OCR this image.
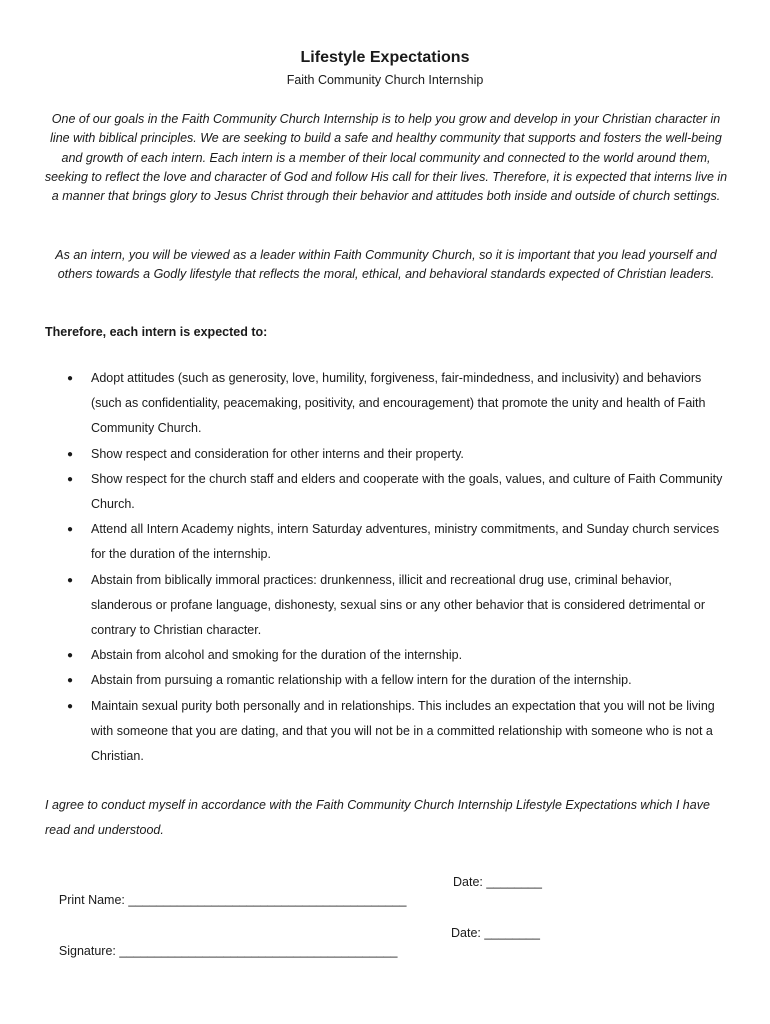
Lifestyle Expectations
Faith Community Church Internship

One of our goals in the Faith Community Church Internship is to help you grow and develop in your Christian character in line with biblical principles. We are seeking to build a safe and healthy community that supports and fosters the well-being and growth of each intern. Each intern is a member of their local community and connected to the world around them, seeking to reflect the love and character of God and follow His call for their lives. Therefore, it is expected that interns live in a manner that brings glory to Jesus Christ through their behavior and attitudes both inside and outside of church settings.

As an intern, you will be viewed as a leader within Faith Community Church, so it is important that you lead yourself and others towards a Godly lifestyle that reflects the moral, ethical, and behavioral standards expected of Christian leaders.

Therefore, each intern is expected to:
● Adopt attitudes (such as generosity, love, humility, forgiveness, fair-mindedness, and inclusivity) and behaviors (such as confidentiality, peacemaking, positivity, and encouragement) that promote the unity and health of Faith Community Church.
● Show respect and consideration for other interns and their property.
● Show respect for the church staff and elders and cooperate with the goals, values, and culture of Faith Community Church.
● Attend all Intern Academy nights, intern Saturday adventures, ministry commitments, and Sunday church services for the duration of the internship.
● Abstain from biblically immoral practices: drunkenness, illicit and recreational drug use, criminal behavior, slanderous or profane language, dishonesty, sexual sins or any other behavior that is considered detrimental or contrary to Christian character.
● Abstain from alcohol and smoking for the duration of the internship.
● Abstain from pursuing a romantic relationship with a fellow intern for the duration of the internship.
● Maintain sexual purity both personally and in relationships. This includes an expectation that you will not be living with someone that you are dating, and that you will not be in a committed relationship with someone who is not a Christian.
I agree to conduct myself in accordance with the Faith Community Church Internship Lifestyle Expectations which I have read and understood.

Print Name: ________________________________________

Date: ________

Signature: ________________________________________

Date: ________
